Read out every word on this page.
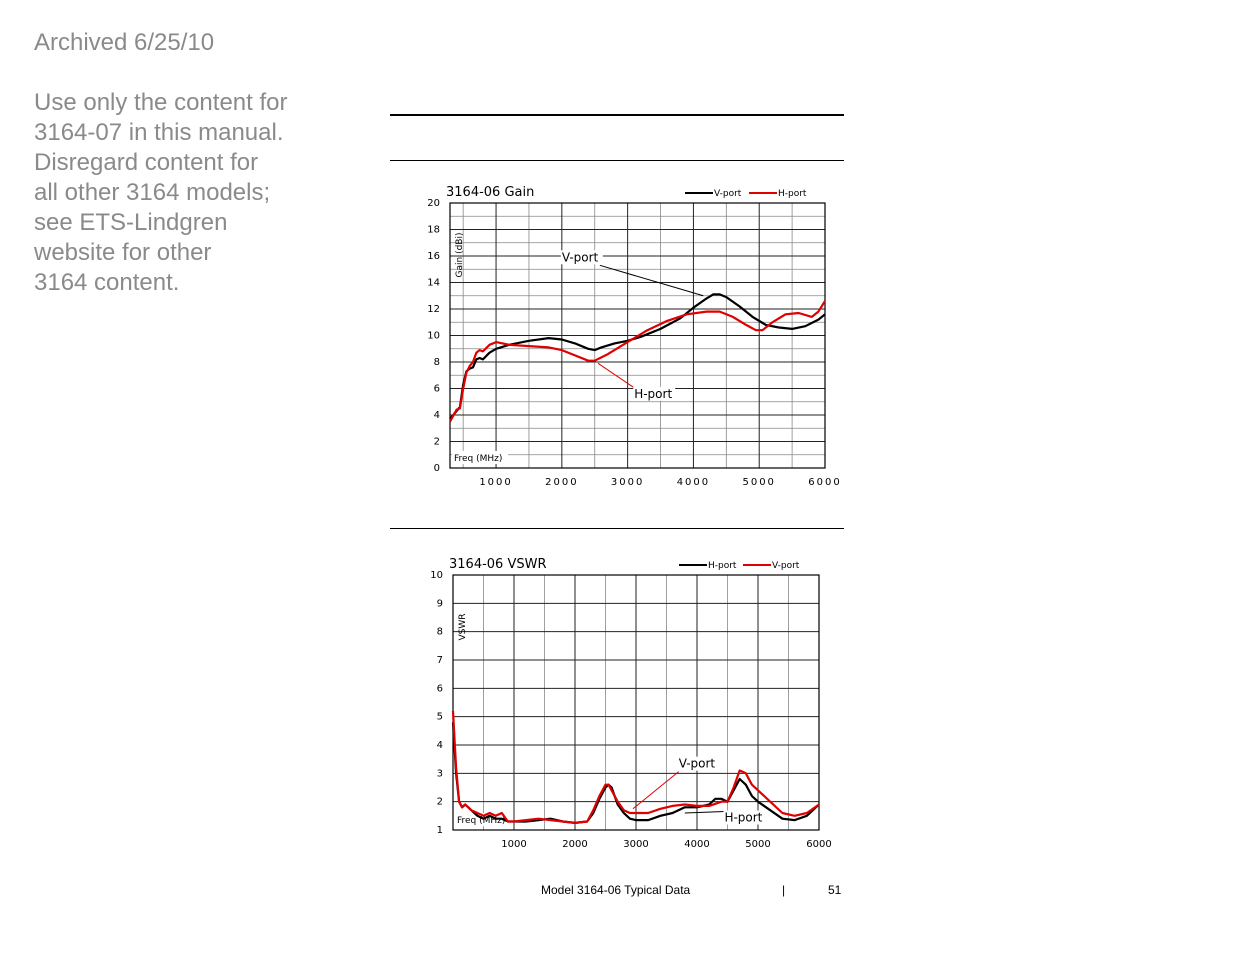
Archived 6/25/10
Use only the content for
3164-07 in this manual.
Disregard content for
all other 3164 models;
see ETS-Lindgren
website for other
3164 content.
1000	2000	3000	4000	5000	6000
0
2
4
6
8
10
12
14
16
18
20
3164-06 Gain
Gain (dBi)
Freq (MHz)
V-port	H-port
V-port
H-port
1000	2000	3000	4000	5000	6000
1
2
3
4
5
6
7
8
9
10
3164-06 VSWR
VSWR
Freq (MHz)
H-port	V-port
V-port
H-port
Model 3164-06 Typical Data	|	51
